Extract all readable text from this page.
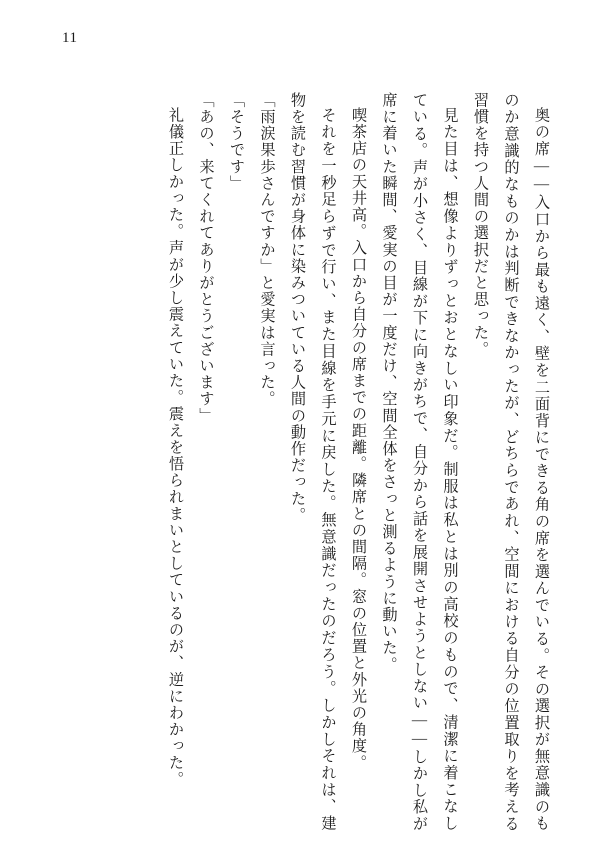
11

奥の席——入口から最も遠く、壁を二面背にできる角の席を選んでいる。その選択が無意識のものか意識的なものかは判断できなかったが、どちらであれ、空間における自分の位置取りを考える習慣を持つ人間の選択だと思った。

見た目は、想像よりずっとおとなしい印象だ。制服は私とは別の高校のもので、清潔に着こなしている。声が小さく、目線が下に向きがちで、自分から話を展開させようとしない——しかし私が席に着いた瞬間、愛実の目が一度だけ、空間全体をさっと測るように動いた。

喫茶店の天井高。入口から自分の席までの距離。隣席との間隔。窓の位置と外光の角度。

それを一秒足らずで行い、また目線を手元に戻した。無意識だったのだろう。しかしそれは、建物を読む習慣が身体に染みついている人間の動作だった。

「雨涙果歩さんですか」と愛実は言った。

「そうです」

「あの、来てくれてありがとうございます」

礼儀正しかった。声が少し震えていた。震えを悟られまいとしているのが、逆にわかった。
